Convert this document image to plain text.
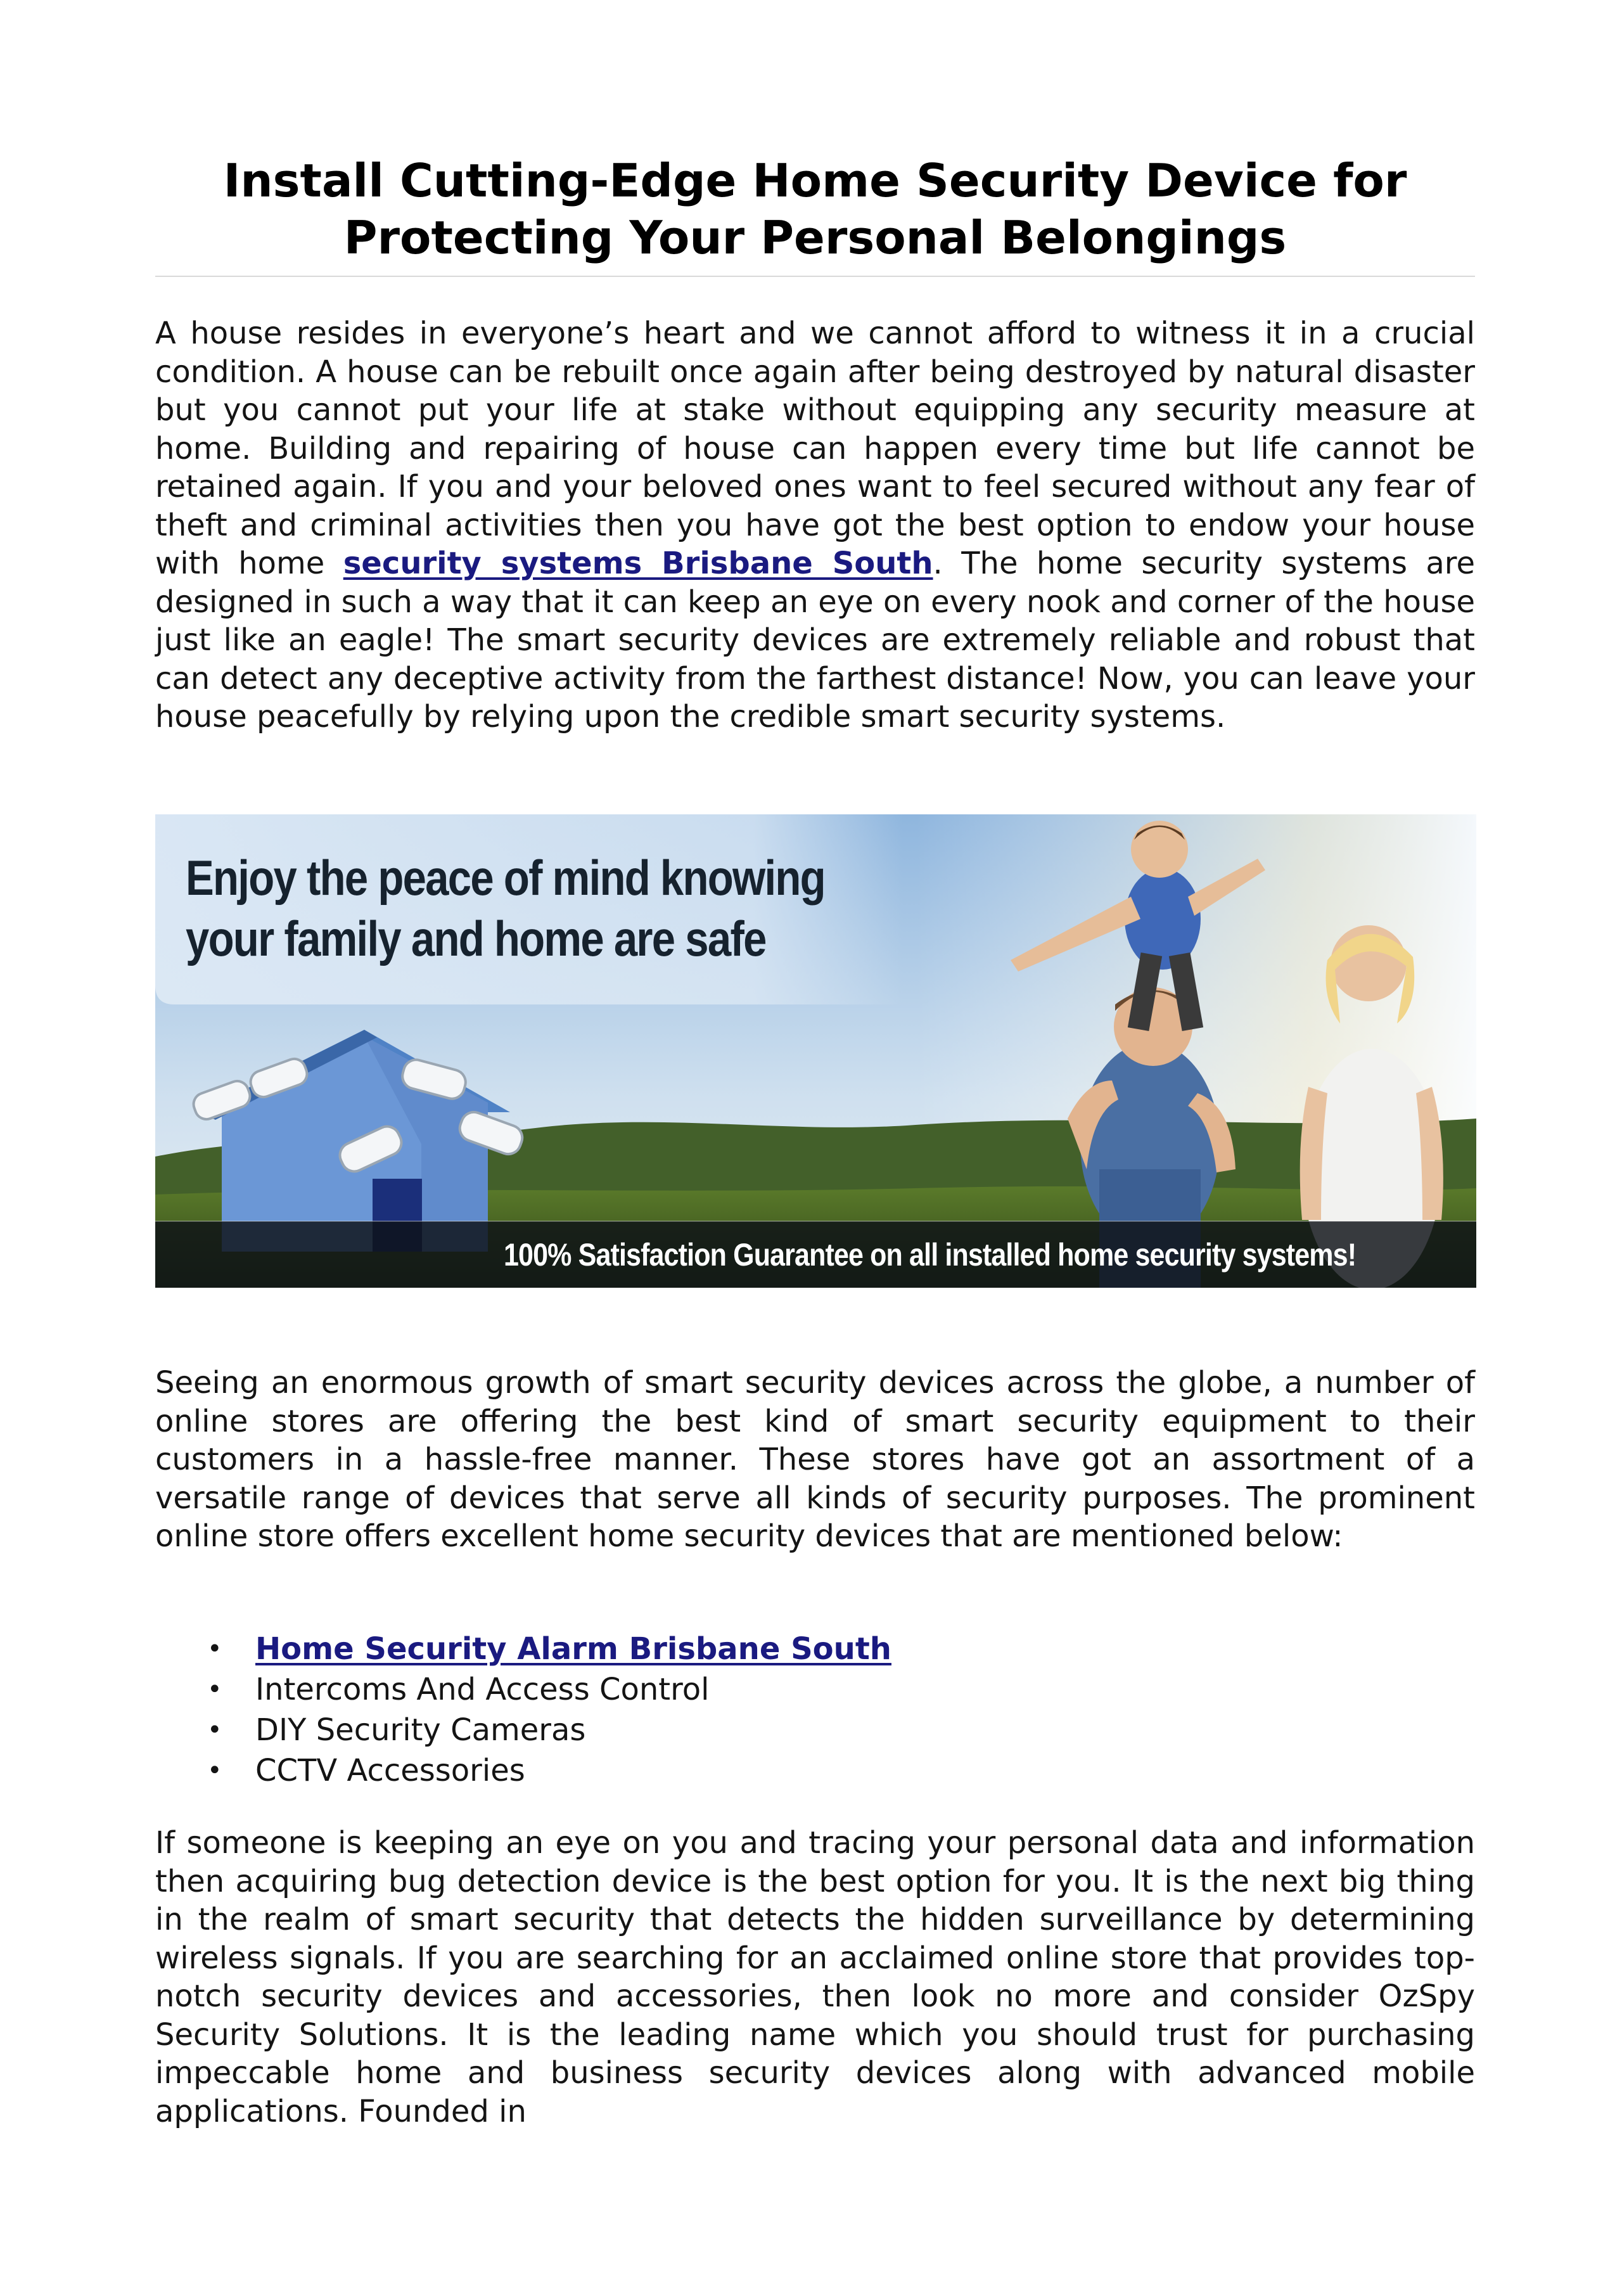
Install Cutting-Edge Home Security Device for Protecting Your Personal Belongings

A house resides in everyone’s heart and we cannot afford to witness it in a crucial condition. A house can be rebuilt once again after being destroyed by natural disaster but you cannot put your life at stake without equipping any security measure at home. Building and repairing of house can happen every time but life cannot be retained again. If you and your beloved ones want to feel secured without any fear of theft and criminal activities then you have got the best option to endow your house with home security systems Brisbane South. The home security systems are designed in such a way that it can keep an eye on every nook and corner of the house just like an eagle! The smart security devices are extremely reliable and robust that can detect any deceptive activity from the farthest distance! Now, you can leave your house peacefully by relying upon the credible smart security systems.

Enjoy the peace of mind knowing
your family and home are safe
100% Satisfaction Guarantee on all installed home security systems!

Seeing an enormous growth of smart security devices across the globe, a number of online stores are offering the best kind of smart security equipment to their customers in a hassle-free manner. These stores have got an assortment of a versatile range of devices that serve all kinds of security purposes. The prominent online store offers excellent home security devices that are mentioned below:

• Home Security Alarm Brisbane South
• Intercoms And Access Control
• DIY Security Cameras
• CCTV Accessories

If someone is keeping an eye on you and tracing your personal data and information then acquiring bug detection device is the best option for you. It is the next big thing in the realm of smart security that detects the hidden surveillance by determining wireless signals. If you are searching for an acclaimed online store that provides top-notch security devices and accessories, then look no more and consider OzSpy Security Solutions. It is the leading name which you should trust for purchasing impeccable home and business security devices along with advanced mobile applications. Founded in
